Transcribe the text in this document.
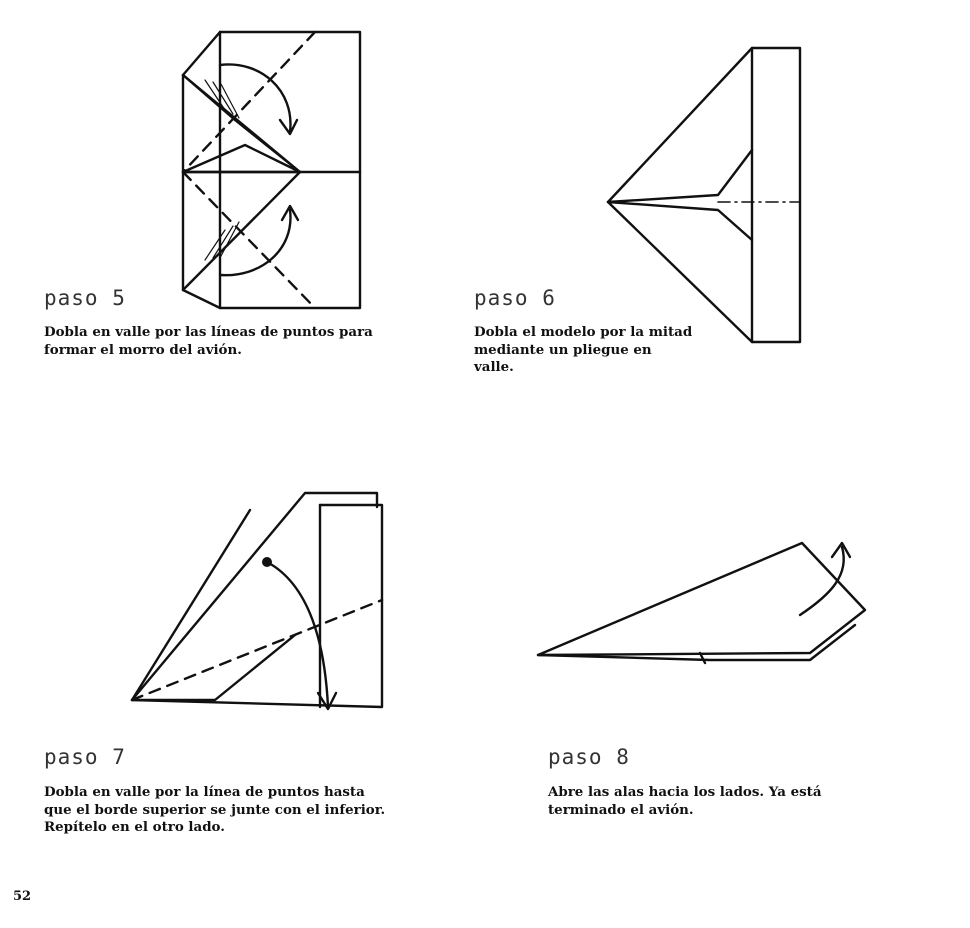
paso 5
Dobla en valle por las líneas de puntos para formar el morro del avión.
paso 6
Dobla el modelo por la mitad mediante un pliegue en valle.
paso 7
Dobla en valle por la línea de puntos hasta que el borde superior se junte con el inferior. Repítelo en el otro lado.
paso 8
Abre las alas hacia los lados. Ya está terminado el avión.
52
